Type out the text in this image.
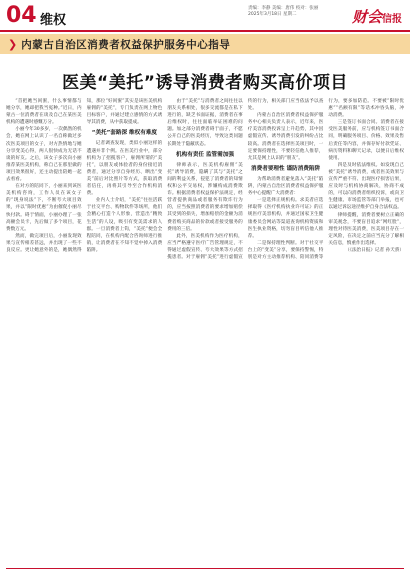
04 维权
责编：李静 美编：唐伟 校对：张丽
2025年3月18日 星期二	财会信报
❯ 内蒙古自治区消费者权益保护服务中心指导
医美“美托”诱导消费者购买高价项目

“首把她当闺蜜，什么事情都与她分享，她却把我当冤种。”近日，内蒙古一位消费者在谈及自己在某医美机构的遭遇时感慨万分。

小丽今年30多岁，一次偶然的机会，她在网上认识了一名自称做过多次医美项目的女子，对方热情地与她分享变美心得，两人很快成为无话不谈的好友。之后，该女子多次向小丽推荐某医美机构，称自己在那里做的项目效果很好，还主动提出陪她一起去看看。

在对方的陪同下，小丽来到该医美机构咨询，工作人员在该女子的“现身说法”下，不断夸大项目效果，并以“限时优惠”为由催促小丽尽快付款。碍于情面，小丽办理了一张高额会员卡，先后做了多个项目，花费数万元。

然而，做完项目后，小丽发现效果与宣传相差甚远，并出现了一些不良反应。更让她意外的是，她偶然得知，那位“好闺蜜”其实是该医美机构雇佣的“美托”，专门负责在网上物色目标客户，并通过建立感情的方式诱导其消费，从中获取提成。

“美托”套路深 维权有难度

记者调查发现，类似小丽这样的遭遇并非个例。在医美行业中，部分机构为了招揽客户，雇佣所谓的“美托”，以朋友或体验者的身份接近消费者，通过分享自身经历、晒出“变美”前后对比照片等方式，获取消费者信任，再将其引导至合作机构消费。

业内人士介绍，“美托”往往活跃于社交平台、购物软件等场所，他们会精心打造个人形象，营造出“精致生活”的人设，吸引有变美需求的人群。一旦消费者上钩，“美托”便会全程陪同，在机构内配合咨询师进行推销，让消费者在不知不觉中掉入消费陷阱。

由于“美托”与消费者之间往往以朋友关系相处，很多交流都是在私下进行的，缺乏书面证据，消费者在事后维权时，往往面临举证困难的问题。加之部分消费者碍于面子，不愿公开自己的医美经历，导致这类问题长期处于隐蔽状态。

机构有责任 监管需加强

律师表示，医美机构雇佣“美托”诱导消费，隐瞒了其与“美托”之间的利益关系，侵犯了消费者的知情权和公平交易权，涉嫌构成消费欺诈。根据消费者权益保护法规定，经营者提供商品或者服务有欺诈行为的，应当按照消费者的要求增加赔偿其受到的损失，增加赔偿的金额为消费者购买商品的价款或者接受服务的费用的三倍。

此外，医美机构作为医疗机构，应当严格遵守医疗广告管理规定，不得通过虚假宣传、夸大效果等方式招揽患者。对于雇佣“美托”进行虚假宣传的行为，相关部门应当依法予以查处。

内蒙古自治区消费者权益保护服务中心相关负责人表示，近年来，医疗美容消费投诉呈上升趋势，其中因虚假宣传、诱导消费引发的纠纷占比较高。消费者在选择医美项目时，一定要保持理性，不要轻信他人推荐，尤其是网上认识的“朋友”。

消费者要理性 谨防消费陷阱

为帮助消费者避免落入“美托”陷阱，内蒙古自治区消费者权益保护服务中心提醒广大消费者：

一是选择正规机构。求美者应选择取得《医疗机构执业许可证》的正规医疗美容机构，并通过国家卫生健康委员会网站等渠道查询机构资质和医生执业资格，切勿盲目听信他人推荐。

二是保持理性判断。对于社交平台上的“变美”分享，要保持警惕，特别是对方主动推荐机构、陪同消费等行为，要多加防范。不要被“限时优惠”“名额有限”等话术冲昏头脑，冲动消费。

三是签订书面合同。消费者在接受医美服务前，应与机构签订书面合同，明确服务项目、价格、效果及售后责任等内容，并保存好付款凭证、病历资料和聊天记录，以便日后维权使用。

四是及时依法维权。如发现自己被“美托”诱导消费，或者医美效果与宣传严重不符、出现医疗损害后果，应及时与机构协商解决，协商不成的，可以向消费者组织投诉，或向卫生健康、市场监管等部门举报，也可以通过诉讼途径维护自身合法权益。

律师提醒，消费者要树立正确的审美观念，不要盲目追求“网红脸”，理性对待医美消费，医美项目存在一定风险，在决定之前应当充分了解相关信息，慎重作出选择。

（《法治日报》记者 孙天骄）
